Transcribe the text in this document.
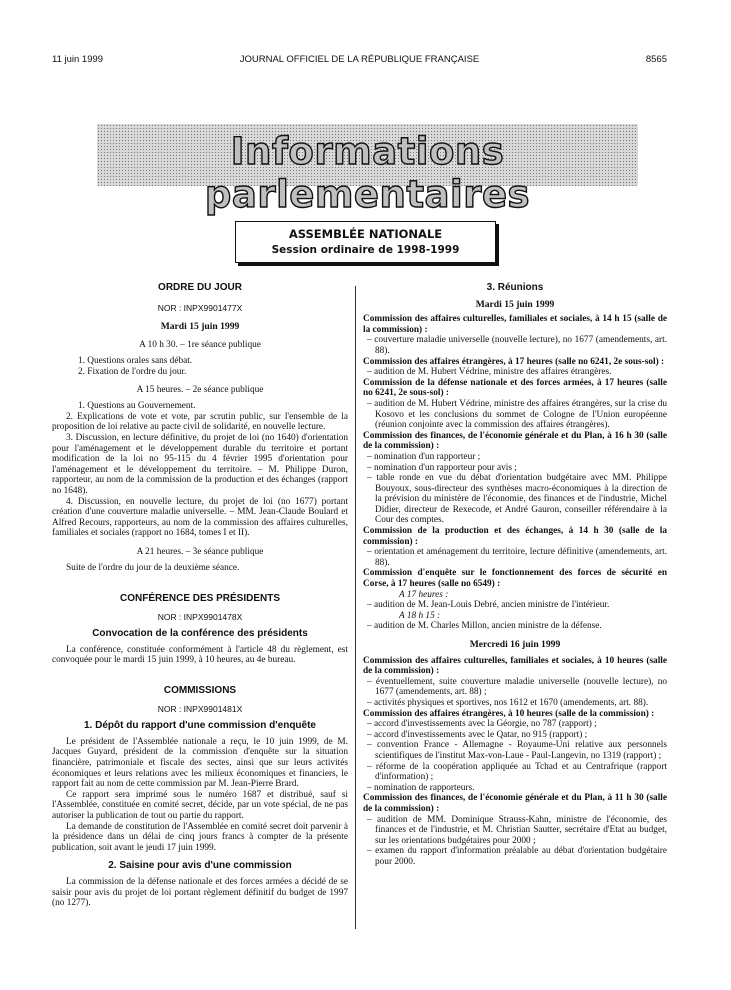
11 juin 1999	JOURNAL OFFICIEL DE LA RÉPUBLIQUE FRANÇAISE	8565
Informations parlementaires
ASSEMBLÉE NATIONALE
Session ordinaire de 1998-1999
ORDRE DU JOUR
NOR : INPX9901477X
Mardi 15 juin 1999
A 10 h 30. – 1re séance publique

1. Questions orales sans débat.

2. Fixation de l'ordre du jour.

A 15 heures. – 2e séance publique

1. Questions au Gouvernement.

2. Explications de vote et vote, par scrutin public, sur l'ensemble de la proposition de loi relative au pacte civil de solidarité, en nouvelle lecture.

3. Discussion, en lecture définitive, du projet de loi (no 1640) d'orientation pour l'aménagement et le développement durable du territoire et portant modification de la loi no 95-115 du 4 février 1995 d'orientation pour l'aménagement et le développement du territoire. – M. Philippe Duron, rapporteur, au nom de la commission de la production et des échanges (rapport no 1648).

4. Discussion, en nouvelle lecture, du projet de loi (no 1677) portant création d'une couverture maladie universelle. – MM. Jean-Claude Boulard et Alfred Recours, rapporteurs, au nom de la commission des affaires culturelles, familiales et sociales (rapport no 1684, tomes I et II).

A 21 heures. – 3e séance publique

Suite de l'ordre du jour de la deuxième séance.

CONFÉRENCE DES PRÉSIDENTS
NOR : INPX9901478X
Convocation de la conférence des présidents

La conférence, constituée conformément à l'article 48 du règlement, est convoquée pour le mardi 15 juin 1999, à 10 heures, au 4e bureau.

COMMISSIONS
NOR : INPX9901481X
1. Dépôt du rapport d'une commission d'enquête

Le président de l'Assemblée nationale a reçu, le 10 juin 1999, de M. Jacques Guyard, président de la commission d'enquête sur la situation financière, patrimoniale et fiscale des sectes, ainsi que sur leurs activités économiques et leurs relations avec les milieux économiques et financiers, le rapport fait au nom de cette commission par M. Jean-Pierre Brard.

Ce rapport sera imprimé sous le numéro 1687 et distribué, sauf si l'Assemblée, constituée en comité secret, décide, par un vote spécial, de ne pas autoriser la publication de tout ou partie du rapport.

La demande de constitution de l'Assemblée en comité secret doit parvenir à la présidence dans un délai de cinq jours francs à compter de la présente publication, soit avant le jeudi 17 juin 1999.

2. Saisine pour avis d'une commission

La commission de la défense nationale et des forces armées a décidé de se saisir pour avis du projet de loi portant règlement définitif du budget de 1997 (no 1277).

3. Réunions
Mardi 15 juin 1999

Commission des affaires culturelles, familiales et sociales, à 14 h 15 (salle de la commission) :

– couverture maladie universelle (nouvelle lecture), no 1677 (amendements, art. 88).

Commission des affaires étrangères, à 17 heures (salle no 6241, 2e sous-sol) :

– audition de M. Hubert Védrine, ministre des affaires étrangères.

Commission de la défense nationale et des forces armées, à 17 heures (salle no 6241, 2e sous-sol) :

– audition de M. Hubert Védrine, ministre des affaires étrangères, sur la crise du Kosovo et les conclusions du sommet de Cologne de l'Union européenne (réunion conjointe avec la commission des affaires étrangères).

Commission des finances, de l'économie générale et du Plan, à 16 h 30 (salle de la commission) :

– nomination d'un rapporteur ;

– nomination d'un rapporteur pour avis ;

– table ronde en vue du débat d'orientation budgétaire avec MM. Philippe Bouyoux, sous-directeur des synthèses macro-économiques à la direction de la prévision du ministère de l'économie, des finances et de l'industrie, Michel Didier, directeur de Rexecode, et André Gauron, conseiller référendaire à la Cour des comptes.

Commission de la production et des échanges, à 14 h 30 (salle de la commission) :

– orientation et aménagement du territoire, lecture définitive (amendements, art. 88).

Commission d'enquête sur le fonctionnement des forces de sécurité en Corse, à 17 heures (salle no 6549) :

A 17 heures :

– audition de M. Jean-Louis Debré, ancien ministre de l'intérieur.

A 18 h 15 :

– audition de M. Charles Millon, ancien ministre de la défense.

Mercredi 16 juin 1999

Commission des affaires culturelles, familiales et sociales, à 10 heures (salle de la commission) :

– éventuellement, suite couverture maladie universelle (nouvelle lecture), no 1677 (amendements, art. 88) ;

– activités physiques et sportives, nos 1612 et 1670 (amendements, art. 88).

Commission des affaires étrangères, à 10 heures (salle de la commission) :

– accord d'investissements avec la Géorgie, no 787 (rapport) ;

– accord d'investissements avec le Qatar, no 915 (rapport) ;

– convention France - Allemagne - Royaume-Uni relative aux personnels scientifiques de l'institut Max-von-Laue - Paul-Langevin, no 1319 (rapport) ;

– réforme de la coopération appliquée au Tchad et au Centrafrique (rapport d'information) ;

– nomination de rapporteurs.

Commission des finances, de l'économie générale et du Plan, à 11 h 30 (salle de la commission) :

– audition de MM. Dominique Strauss-Kahn, ministre de l'économie, des finances et de l'industrie, et M. Christian Sautter, secrétaire d'Etat au budget, sur les orientations budgétaires pour 2000 ;

– examen du rapport d'information préalable au débat d'orientation budgétaire pour 2000.
